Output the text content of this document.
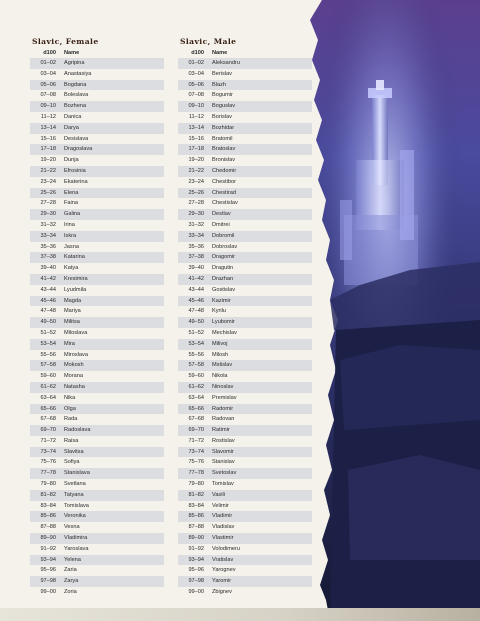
Slavic, Female
d100	Name
01–02	Agripina
03–04	Anastasiya
05–06	Bogdana
07–08	Boleslava
09–10	Bozhena
11–12	Danica
13–14	Darya
15–16	Desislava
17–18	Dragoslava
19–20	Dunja
21–22	Efrosinia
23–24	Ekaterina
25–26	Elena
27–28	Faina
29–30	Galina
31–32	Irina
33–34	Iskra
35–36	Jasna
37–38	Katarina
39–40	Katya
41–42	Kresimira
43–44	Lyudmila
45–46	Magda
47–48	Mariya
49–50	Militsa
51–52	Miloslava
53–54	Mira
55–56	Miroslava
57–58	Mokosh
59–60	Morana
61–62	Natasha
63–64	Nika
65–66	Olga
67–68	Rada
69–70	Radoslava
71–72	Raisa
73–74	Slavitsa
75–76	Sofiya
77–78	Stanislava
79–80	Svetlana
81–82	Tatyana
83–84	Tomislava
85–86	Veronika
87–88	Vesna
89–90	Vladimira
91–92	Yaroslava
93–94	Yelena
95–96	Zaria
97–98	Zarya
99–00	Zoria
Slavic, Male
d100	Name
01–02	Aleksandru
03–04	Berislav
05–06	Blazh
07–08	Bogumir
09–10	Boguslav
11–12	Borislav
13–14	Bozhidar
15–16	Bratomil
17–18	Bratoslav
19–20	Bronislav
21–22	Chedomir
23–24	Chestibor
25–26	Chestirad
27–28	Chestislav
29–30	Destlav
31–32	Dmitrei
33–34	Dobromil
35–36	Dobroslav
37–38	Dragomir
39–40	Dragutin
41–42	Drazhan
43–44	Gostislav
45–46	Kazimir
47–48	Kyrilu
49–50	Lyubomir
51–52	Mechislav
53–54	Milivoj
55–56	Milosh
57–58	Mstislav
59–60	Nikola
61–62	Ninoslav
63–64	Premislav
65–66	Radomir
67–68	Radovan
69–70	Ratimir
71–72	Rostislav
73–74	Slavomir
75–76	Stanislav
77–78	Svetoslav
79–80	Tomislav
81–82	Vasili
83–84	Velimir
85–86	Vladimir
87–88	Vladislav
89–90	Vlastimir
91–92	Volodimeru
93–94	Vratislav
95–96	Yarognev
97–98	Yaromir
99–00	Zbignev
